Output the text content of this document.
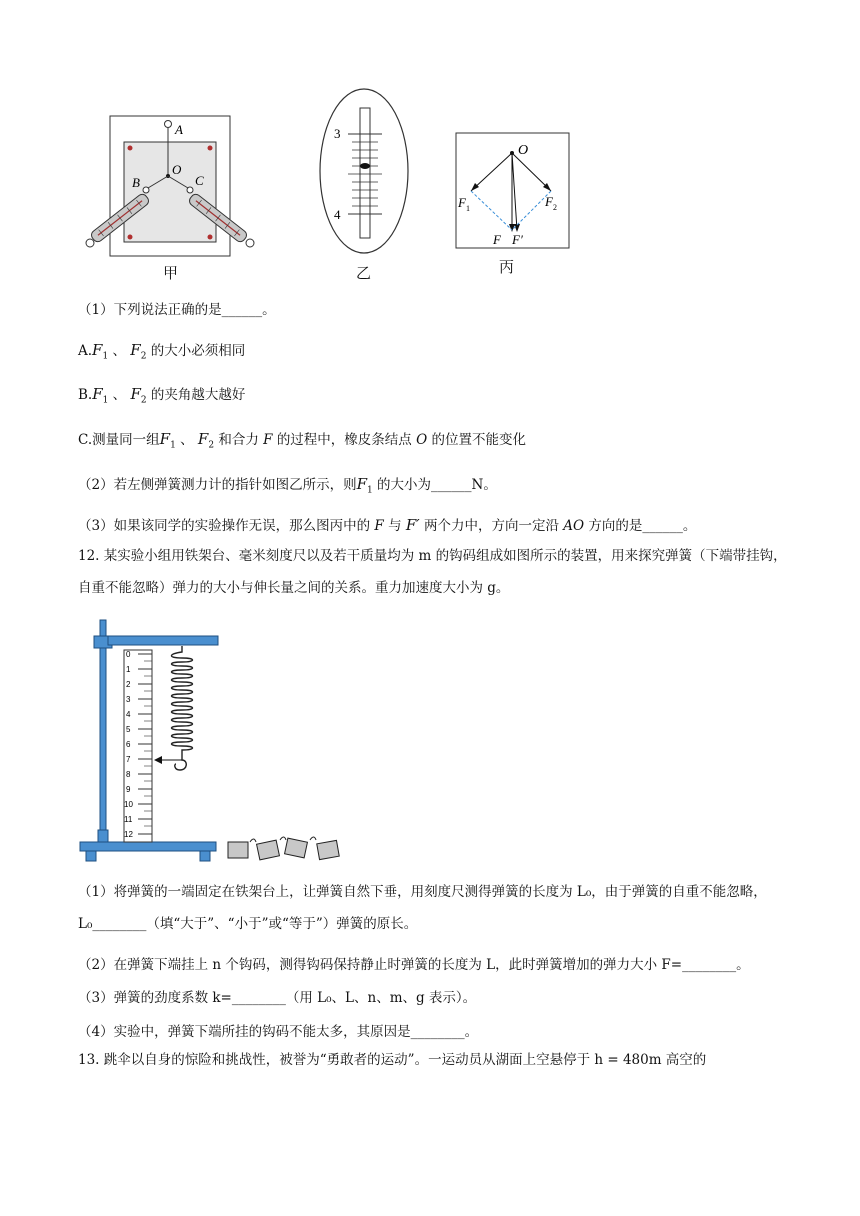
A
O
B	C
甲
3
4
乙
O
F 1	F 2
F F′
丙
（1）下列说法正确的是______。
$A.F_1$ 、 $F_2$ 的大小必须相同
$B.F_1$ 、 $F_2$ 的夹角越大越好
C.测量同一组$F_1$ 、 $F_2$ 和合力 F 的过程中，橡皮条结点 O 的位置不能变化
（2）若左侧弹簧测力计的指针如图乙所示，则$F_1$ 的大小为______N。
（3）如果该同学的实验操作无误，那么图丙中的 F 与 F′ 两个力中，方向一定沿 AO 方向的是______。
12. 某实验小组用铁架台、毫米刻度尺以及若干质量均为 m 的钩码组成如图所示的装置，用来探究弹簧（下端带挂钩，自重不能忽略）弹力的大小与伸长量之间的关系。重力加速度大小为 g。
0
1
2
3
4
5
6
7
8
9
10
11
12
（1）将弹簧的一端固定在铁架台上，让弹簧自然下垂，用刻度尺测得弹簧的长度为 L₀，由于弹簧的自重不能忽略，L₀________（填“大于”、“小于”或“等于”）弹簧的原长。
（2）在弹簧下端挂上 n 个钩码，测得钩码保持静止时弹簧的长度为 L，此时弹簧增加的弹力大小 F=________。
（3）弹簧的劲度系数 k=________（用 L₀、L、n、m、g 表示）。
（4）实验中，弹簧下端所挂的钩码不能太多，其原因是________。
13. 跳伞以自身的惊险和挑战性，被誉为“勇敢者的运动”。一运动员从湖面上空悬停于 h = 480m 高空的
